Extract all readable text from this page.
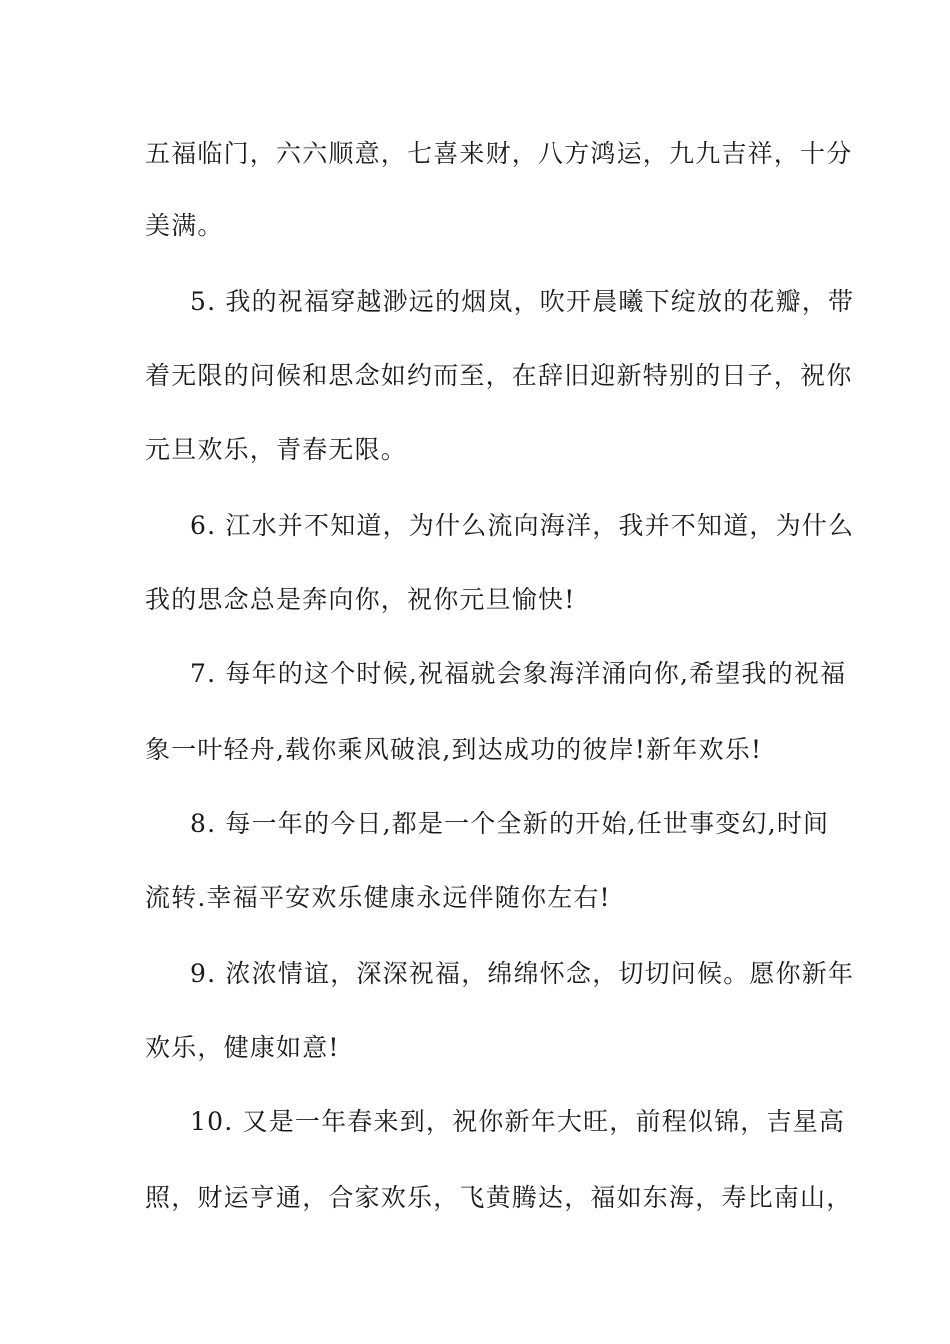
五福临门，六六顺意，七喜来财，八方鸿运，九九吉祥，十分
美满。
5. 我的祝福穿越渺远的烟岚，吹开晨曦下绽放的花瓣，带
着无限的问候和思念如约而至，在辞旧迎新特别的日子，祝你
元旦欢乐，青春无限。
6. 江水并不知道，为什么流向海洋，我并不知道，为什么
我的思念总是奔向你，祝你元旦愉快!
7. 每年的这个时候,祝福就会象海洋涌向你,希望我的祝福
象一叶轻舟,载你乘风破浪,到达成功的彼岸!新年欢乐!
8. 每一年的今日,都是一个全新的开始,任世事变幻,时间
流转.幸福平安欢乐健康永远伴随你左右!
9. 浓浓情谊，深深祝福，绵绵怀念，切切问候。愿你新年
欢乐，健康如意!
10. 又是一年春来到，祝你新年大旺，前程似锦，吉星高
照，财运亨通，合家欢乐，飞黄腾达，福如东海，寿比南山，
